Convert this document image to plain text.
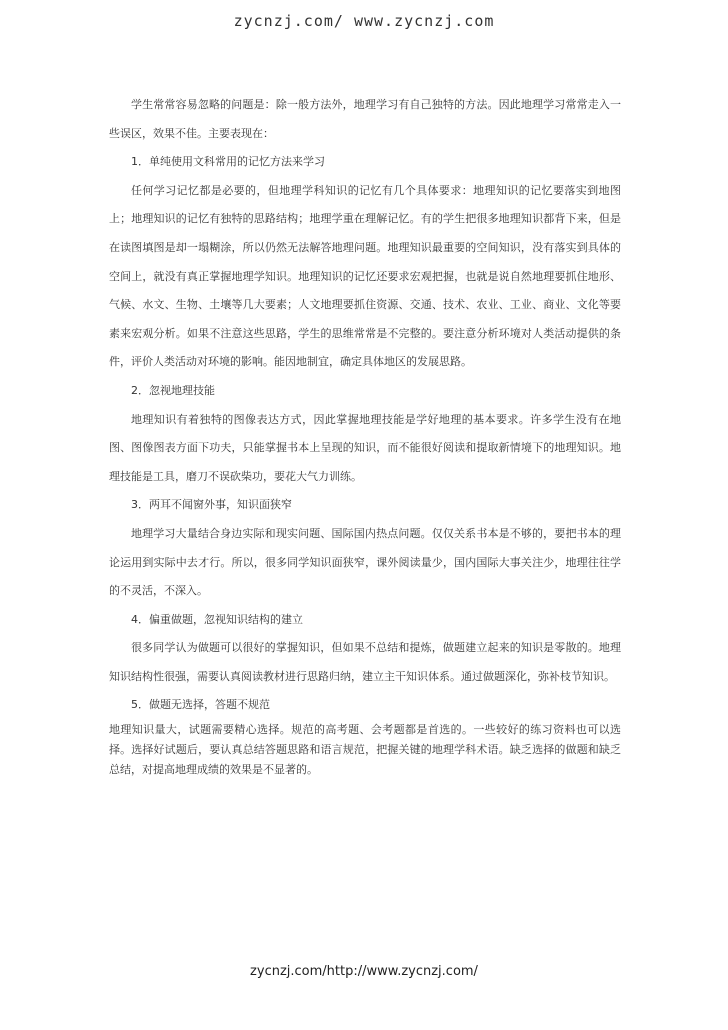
zycnzj.com/ www.zycnzj.com

学生常常容易忽略的问题是：除一般方法外，地理学习有自己独特的方法。因此地理学习常常走入一些误区，效果不佳。主要表现在：

1．单纯使用文科常用的记忆方法来学习

任何学习记忆都是必要的，但地理学科知识的记忆有几个具体要求：地理知识的记忆要落实到地图上；地理知识的记忆有独特的思路结构；地理学重在理解记忆。有的学生把很多地理知识都背下来，但是在读图填图是却一塌糊涂，所以仍然无法解答地理问题。地理知识最重要的空间知识，没有落实到具体的空间上，就没有真正掌握地理学知识。地理知识的记忆还要求宏观把握，也就是说自然地理要抓住地形、气候、水文、生物、土壤等几大要素；人文地理要抓住资源、交通、技术、农业、工业、商业、文化等要素来宏观分析。如果不注意这些思路，学生的思维常常是不完整的。要注意分析环境对人类活动提供的条件，评价人类活动对环境的影响。能因地制宜，确定具体地区的发展思路。

2．忽视地理技能

地理知识有着独特的图像表达方式，因此掌握地理技能是学好地理的基本要求。许多学生没有在地图、图像图表方面下功夫，只能掌握书本上呈现的知识，而不能很好阅读和提取新情境下的地理知识。地理技能是工具，磨刀不误砍柴功，要花大气力训练。

3．两耳不闻窗外事，知识面狭窄

地理学习大量结合身边实际和现实问题、国际国内热点问题。仅仅关系书本是不够的，要把书本的理论运用到实际中去才行。所以，很多同学知识面狭窄，课外阅读量少，国内国际大事关注少，地理往往学的不灵活，不深入。

4．偏重做题，忽视知识结构的建立

很多同学认为做题可以很好的掌握知识，但如果不总结和提炼，做题建立起来的知识是零散的。地理知识结构性很强，需要认真阅读教材进行思路归纳，建立主干知识体系。通过做题深化，弥补枝节知识。

5．做题无选择，答题不规范

地理知识量大，试题需要精心选择。规范的高考题、会考题都是首选的。一些较好的练习资料也可以选择。选择好试题后，要认真总结答题思路和语言规范，把握关键的地理学科术语。缺乏选择的做题和缺乏总结，对提高地理成绩的效果是不显著的。

zycnzj.com/http://www.zycnzj.com/
